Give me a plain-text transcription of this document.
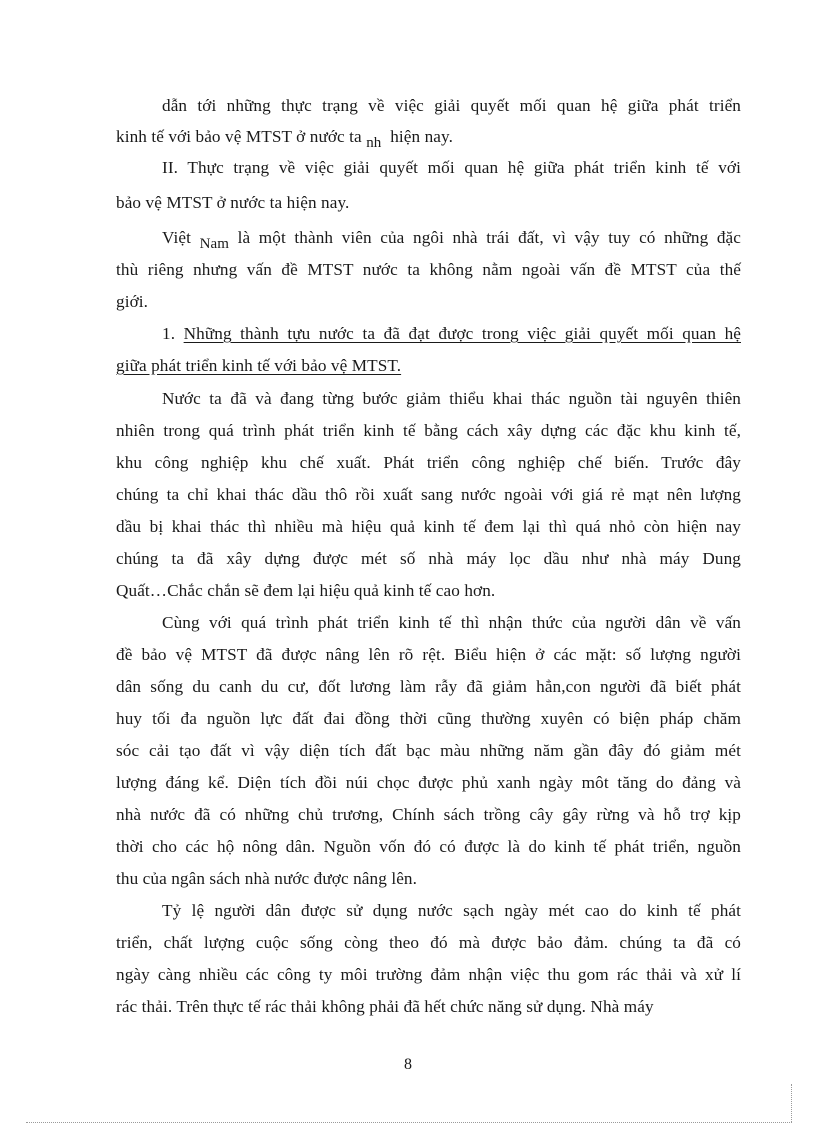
dẫn tới những thực trạng về việc giải quyết mối quan hệ giữa phát triển
kinh tế với bảo vệ MTST ở nước ta nh hiện nay.
II. Thực trạng về việc giải quyết mối quan hệ giữa phát triển kinh tế với
bảo vệ MTST ở nước ta hiện nay.
Việt Nam là một thành viên của ngôi nhà trái đất, vì vậy tuy có những đặc
thù riêng nhưng vấn đề MTST nước ta không nằm ngoài vấn đề MTST của thế
giới.
1. Những thành tựu nước ta đã đạt được trong việc giải quyết mối quan hệ
giữa phát triển kinh tế với bảo vệ MTST.
Nước ta đã và đang từng bước giảm thiểu khai thác nguồn tài nguyên thiên
nhiên trong quá trình phát triển kinh tế bằng cách xây dựng các đặc khu kinh tế,
khu công nghiệp khu chế xuất. Phát triển công nghiệp chế biến. Trước đây
chúng ta chỉ khai thác dầu thô rồi xuất sang nước ngoài với giá rẻ mạt nên lượng
dầu bị khai thác thì nhiều mà hiệu quả kinh tế đem lại thì quá nhỏ còn hiện nay
chúng ta đã xây dựng được mét số nhà máy lọc dầu như nhà máy Dung
Quất…Chắc chắn sẽ đem lại hiệu quả kinh tế cao hơn.
Cùng với quá trình phát triển kinh tế thì nhận thức của người dân về vấn
đề bảo vệ MTST đã được nâng lên rõ rệt. Biểu hiện ở các mặt: số lượng người
dân sống du canh du cư, đốt lương làm rẫy đã giảm hẳn,con người đã biết phát
huy tối đa nguồn lực đất đai đồng thời cũng thường xuyên có biện pháp chăm
sóc cải tạo đất vì vậy diện tích đất bạc màu những năm gần đây đó giảm mét
lượng đáng kể. Diện tích đồi núi chọc được phủ xanh ngày môt tăng do đảng và
nhà nước đã có những chủ trương, Chính sách trồng cây gây rừng và hỗ trợ kịp
thời cho các hộ nông dân. Nguồn vốn đó có được là do kinh tế phát triển, nguồn
thu của ngân sách nhà nước được nâng lên.
Tỷ lệ người dân được sử dụng nước sạch ngày mét cao do kinh tế phát
triển, chất lượng cuộc sống còng theo đó mà được bảo đảm. chúng ta đã có
ngày càng nhiều các công ty môi trường đảm nhận việc thu gom rác thải và xử lí
rác thải. Trên thực tế rác thải không phải đã hết chức năng sử dụng. Nhà máy
8
